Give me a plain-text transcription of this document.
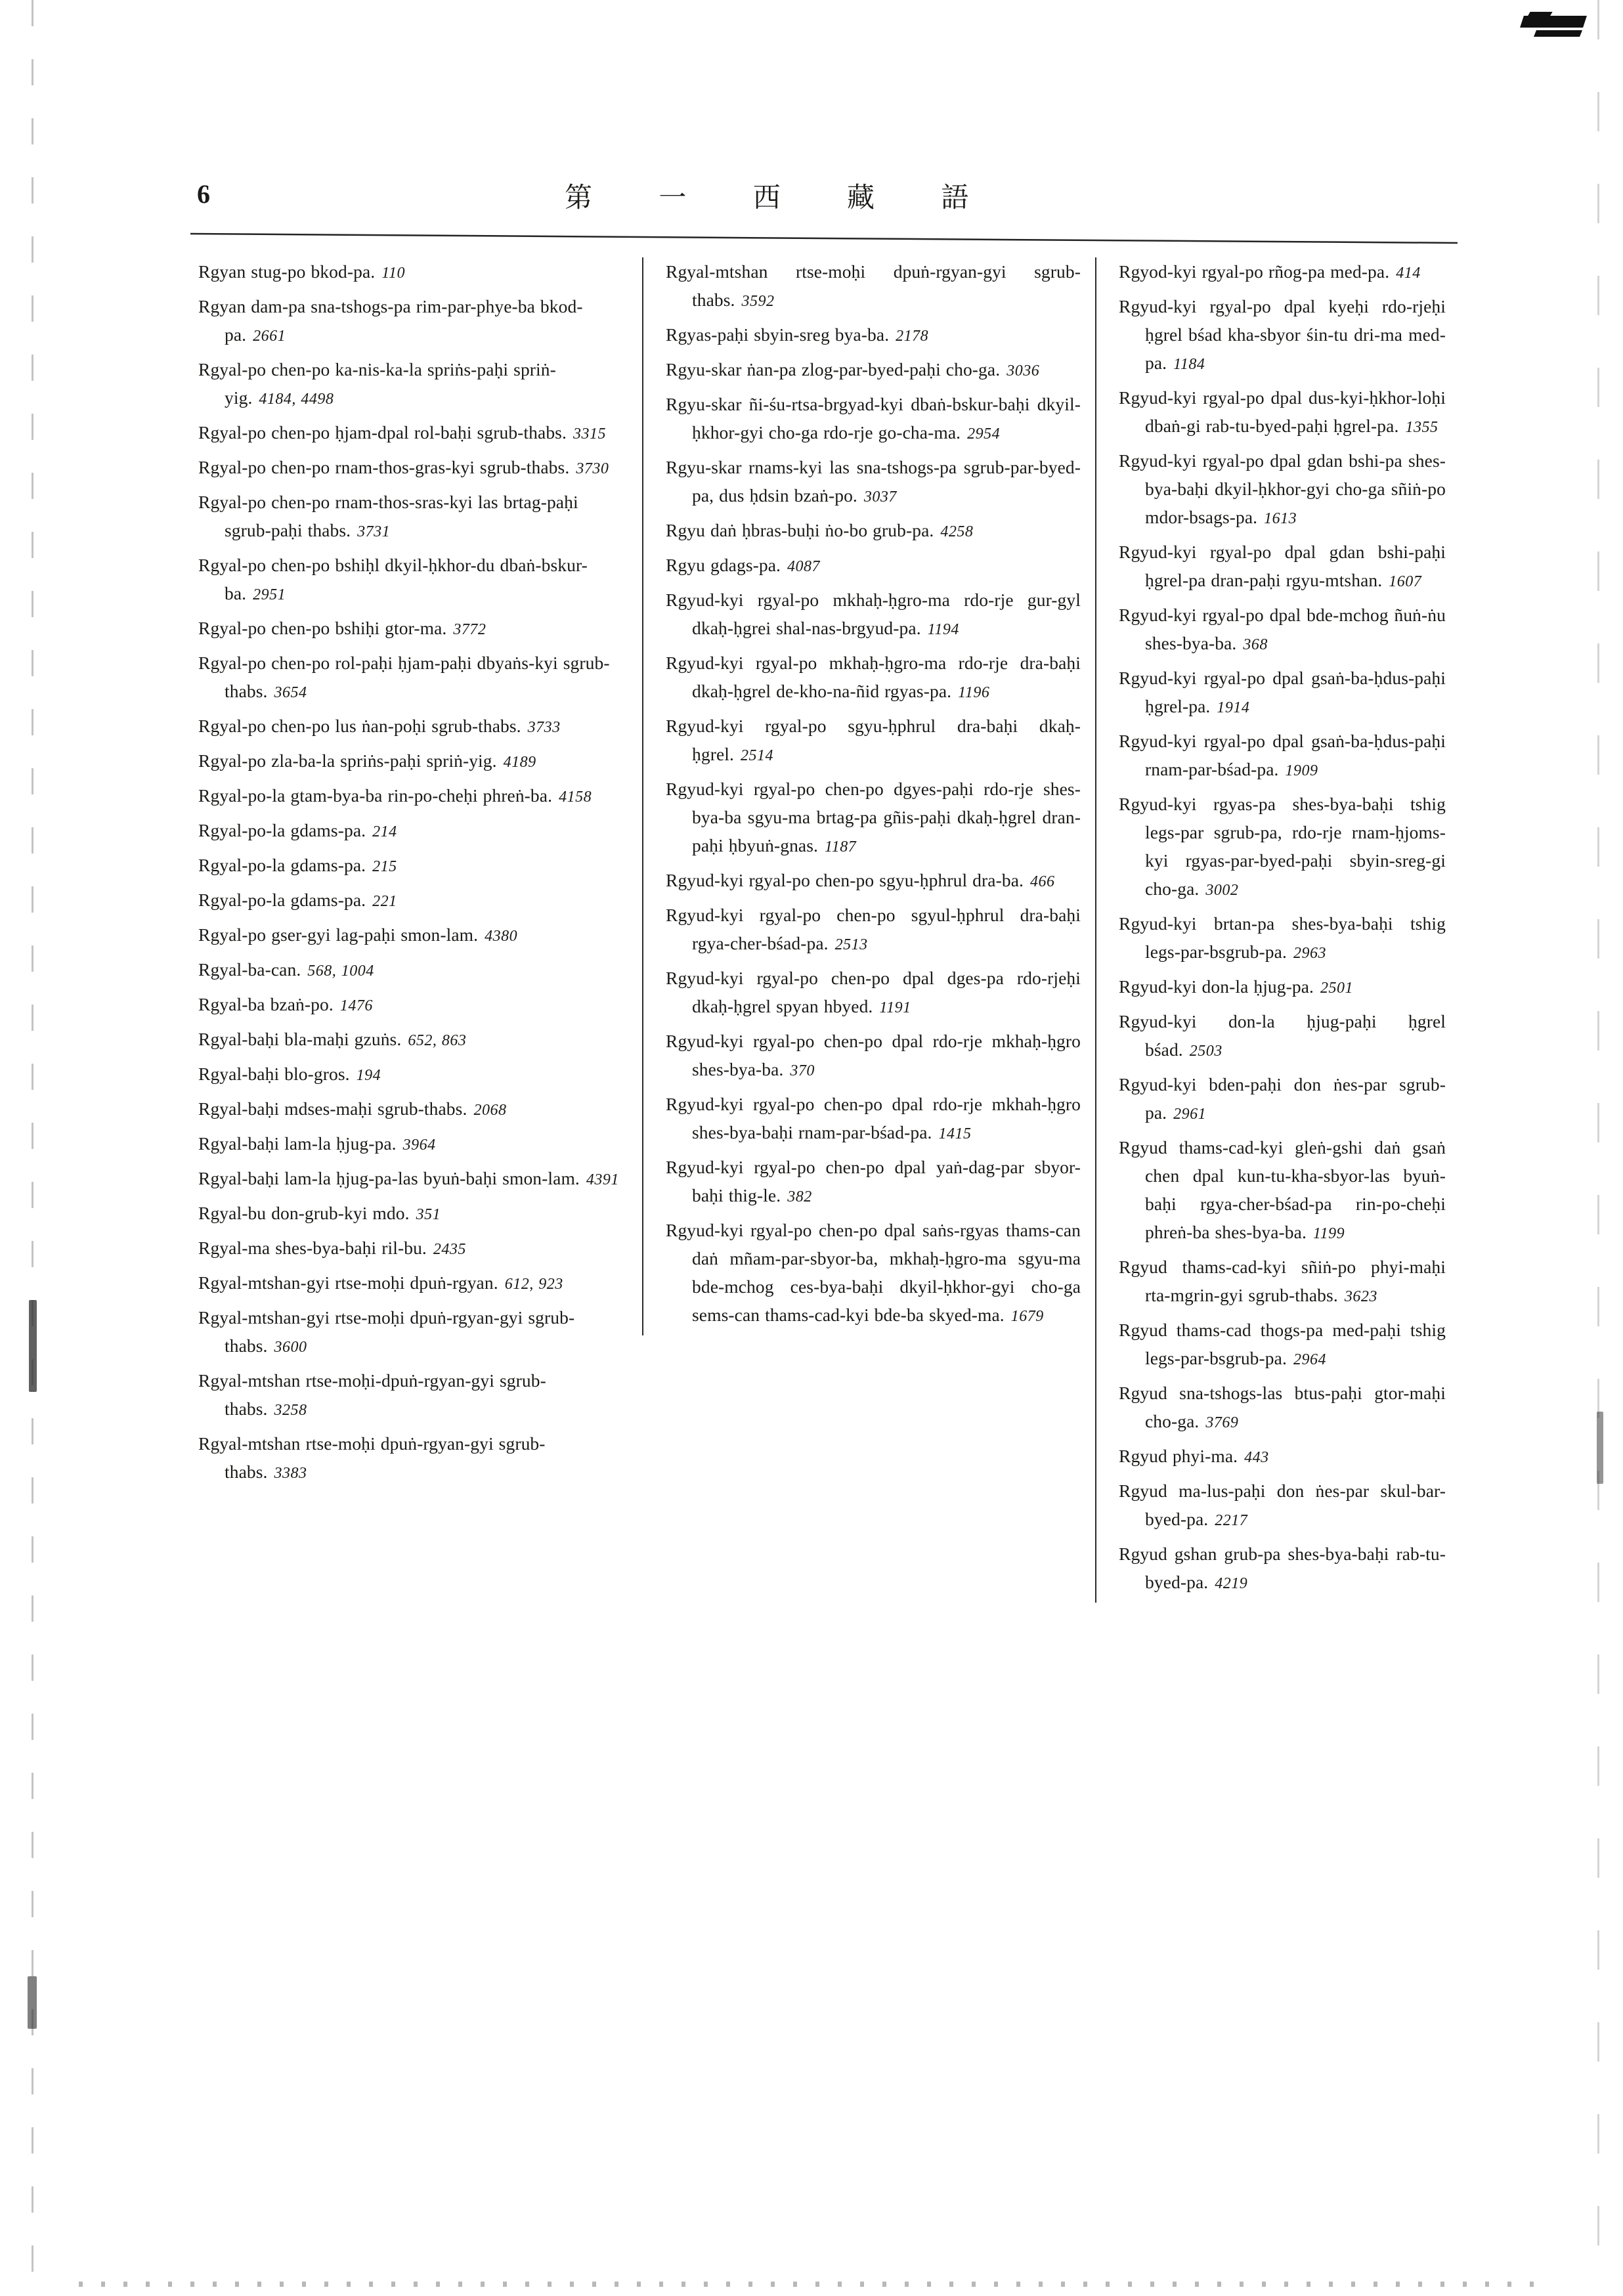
6	第 一 西 藏 語

Rgyan stug-po bkod-pa. 110

Rgyan dam-pa sna-tshogs-pa rim-par-phye-ba bkod-pa. 2661

Rgyal-po chen-po ka-nis-ka-la spriṅs-paḥi spriṅ-yig. 4184, 4498

Rgyal-po chen-po ḥjam-dpal rol-baḥi sgrub-thabs. 3315

Rgyal-po chen-po rnam-thos-gras-kyi sgrub-thabs. 3730

Rgyal-po chen-po rnam-thos-sras-kyi las brtag-paḥi sgrub-paḥi thabs. 3731

Rgyal-po chen-po bshiḥl dkyil-ḥkhor-du dbaṅ-bskur-ba. 2951

Rgyal-po chen-po bshiḥi gtor-ma. 3772

Rgyal-po chen-po rol-paḥi ḥjam-paḥi dbyaṅs-kyi sgrub-thabs. 3654

Rgyal-po chen-po lus ṅan-poḥi sgrub-thabs. 3733

Rgyal-po zla-ba-la spriṅs-paḥi spriṅ-yig. 4189

Rgyal-po-la gtam-bya-ba rin-po-cheḥi phreṅ-ba. 4158

Rgyal-po-la gdams-pa. 214

Rgyal-po-la gdams-pa. 215

Rgyal-po-la gdams-pa. 221

Rgyal-po gser-gyi lag-paḥi smon-lam. 4380

Rgyal-ba-can. 568, 1004

Rgyal-ba bzaṅ-po. 1476

Rgyal-baḥi bla-maḥi gzuṅs. 652, 863

Rgyal-baḥi blo-gros. 194

Rgyal-baḥi mdses-maḥi sgrub-thabs. 2068

Rgyal-baḥi lam-la ḥjug-pa. 3964

Rgyal-baḥi lam-la ḥjug-pa-las byuṅ-baḥi smon-lam. 4391

Rgyal-bu don-grub-kyi mdo. 351

Rgyal-ma shes-bya-baḥi ril-bu. 2435

Rgyal-mtshan-gyi rtse-moḥi dpuṅ-rgyan. 612, 923

Rgyal-mtshan-gyi rtse-moḥi dpuṅ-rgyan-gyi sgrub-thabs. 3600

Rgyal-mtshan rtse-moḥi-dpuṅ-rgyan-gyi sgrub-thabs. 3258

Rgyal-mtshan rtse-moḥi dpuṅ-rgyan-gyi sgrub-thabs. 3383

Rgyal-mtshan rtse-moḥi dpuṅ-rgyan-gyi sgrub-thabs. 3592

Rgyas-paḥi sbyin-sreg bya-ba. 2178

Rgyu-skar ṅan-pa zlog-par-byed-paḥi cho-ga. 3036

Rgyu-skar ñi-śu-rtsa-brgyad-kyi dbaṅ-bskur-baḥi dkyil-ḥkhor-gyi cho-ga rdo-rje go-cha-ma. 2954

Rgyu-skar rnams-kyi las sna-tshogs-pa sgrub-par-byed-pa, dus ḥdsin bzaṅ-po. 3037

Rgyu daṅ ḥbras-buḥi ṅo-bo grub-pa. 4258

Rgyu gdags-pa. 4087

Rgyud-kyi rgyal-po mkhaḥ-ḥgro-ma rdo-rje gur-gyl dkaḥ-ḥgrei shal-nas-brgyud-pa. 1194

Rgyud-kyi rgyal-po mkhaḥ-ḥgro-ma rdo-rje dra-baḥi dkaḥ-ḥgrel de-kho-na-ñid rgyas-pa. 1196

Rgyud-kyi rgyal-po sgyu-ḥphrul dra-baḥi dkaḥ-ḥgrel. 2514

Rgyud-kyi rgyal-po chen-po dgyes-paḥi rdo-rje shes-bya-ba sgyu-ma brtag-pa gñis-paḥi dkaḥ-ḥgrel dran-paḥi ḥbyuṅ-gnas. 1187

Rgyud-kyi rgyal-po chen-po sgyu-ḥphrul dra-ba. 466

Rgyud-kyi rgyal-po chen-po sgyul-ḥphrul dra-baḥi rgya-cher-bśad-pa. 2513

Rgyud-kyi rgyal-po chen-po dpal dges-pa rdo-rjeḥi dkaḥ-ḥgrel spyan hbyed. 1191

Rgyud-kyi rgyal-po chen-po dpal rdo-rje mkhaḥ-ḥgro shes-bya-ba. 370

Rgyud-kyi rgyal-po chen-po dpal rdo-rje mkhah-ḥgro shes-bya-baḥi rnam-par-bśad-pa. 1415

Rgyud-kyi rgyal-po chen-po dpal yaṅ-dag-par sbyor-baḥi thig-le. 382

Rgyud-kyi rgyal-po chen-po dpal saṅs-rgyas thams-can daṅ mñam-par-sbyor-ba, mkhaḥ-ḥgro-ma sgyu-ma bde-mchog ces-bya-baḥi dkyil-ḥkhor-gyi cho-ga sems-can thams-cad-kyi bde-ba skyed-ma. 1679

Rgyod-kyi rgyal-po rñog-pa med-pa. 414

Rgyud-kyi rgyal-po dpal kyeḥi rdo-rjeḥi ḥgrel bśad kha-sbyor śin-tu dri-ma med-pa. 1184

Rgyud-kyi rgyal-po dpal dus-kyi-ḥkhor-loḥi dbaṅ-gi rab-tu-byed-paḥi ḥgrel-pa. 1355

Rgyud-kyi rgyal-po dpal gdan bshi-pa shes-bya-baḥi dkyil-ḥkhor-gyi cho-ga sñiṅ-po mdor-bsags-pa. 1613

Rgyud-kyi rgyal-po dpal gdan bshi-paḥi ḥgrel-pa dran-paḥi rgyu-mtshan. 1607

Rgyud-kyi rgyal-po dpal bde-mchog ñuṅ-ṅu shes-bya-ba. 368

Rgyud-kyi rgyal-po dpal gsaṅ-ba-ḥdus-paḥi ḥgrel-pa. 1914

Rgyud-kyi rgyal-po dpal gsaṅ-ba-ḥdus-paḥi rnam-par-bśad-pa. 1909

Rgyud-kyi rgyas-pa shes-bya-baḥi tshig legs-par sgrub-pa, rdo-rje rnam-ḥjoms-kyi rgyas-par-byed-paḥi sbyin-sreg-gi cho-ga. 3002

Rgyud-kyi brtan-pa shes-bya-baḥi tshig legs-par-bsgrub-pa. 2963

Rgyud-kyi don-la ḥjug-pa. 2501

Rgyud-kyi don-la ḥjug-paḥi ḥgrel bśad. 2503

Rgyud-kyi bden-paḥi don ṅes-par sgrub-pa. 2961

Rgyud thams-cad-kyi gleṅ-gshi daṅ gsaṅ chen dpal kun-tu-kha-sbyor-las byuṅ-baḥi rgya-cher-bśad-pa rin-po-cheḥi phreṅ-ba shes-bya-ba. 1199

Rgyud thams-cad-kyi sñiṅ-po phyi-maḥi rta-mgrin-gyi sgrub-thabs. 3623

Rgyud thams-cad thogs-pa med-paḥi tshig legs-par-bsgrub-pa. 2964

Rgyud sna-tshogs-las btus-paḥi gtor-maḥi cho-ga. 3769

Rgyud phyi-ma. 443

Rgyud ma-lus-paḥi don ṅes-par skul-bar-byed-pa. 2217

Rgyud gshan grub-pa shes-bya-baḥi rab-tu-byed-pa. 4219
